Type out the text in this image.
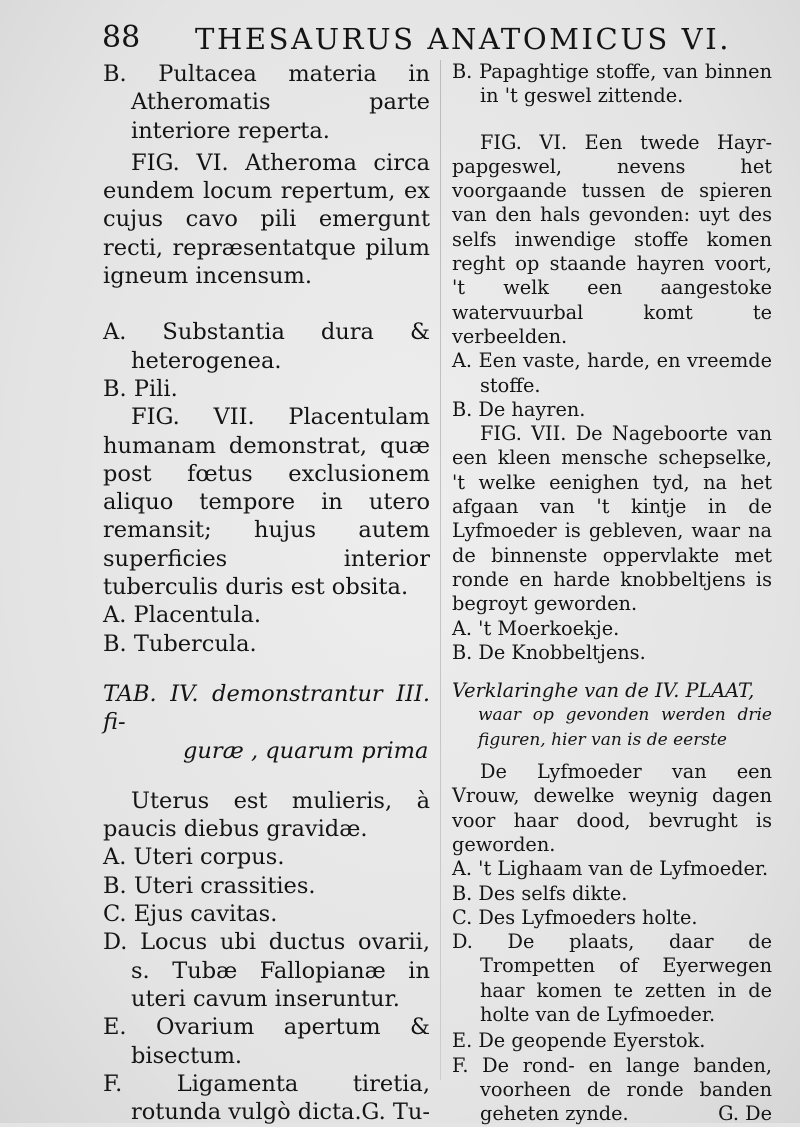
88 THESAURUS ANATOMICUS VI.

B. Pultacea materia in Atheromatis parte interiore reperta.

FIG. VI. Atheroma circa eundem locum repertum, ex cujus cavo pili emergunt recti, repræsentatque pilum igneum incensum.

A. Substantia dura & heterogenea.

B. Pili.

FIG. VII. Placentulam humanam demonstrat, quæ post fœtus exclusionem aliquo tempore in utero remansit; hujus autem superficies interior tuberculis duris est obsita.

A. Placentula.

B. Tubercula.

TAB. IV. demonstrantur III. fi-

guræ , quarum prima

Uterus est mulieris, à paucis diebus gravidæ.

A. Uteri corpus.

B. Uteri crassities.

C. Ejus cavitas.

D. Locus ubi ductus ovarii, s. Tubæ Fallopianæ in uteri cavum inseruntur.

E. Ovarium apertum & bisectum.

F. Ligamenta tiretia, rotunda vulgò dicta. G. Tu-

B. Papaghtige stoffe, van binnen in 't geswel zittende.

FIG. VI. Een twede Hayr-papgeswel, nevens het voorgaande tussen de spieren van den hals gevonden: uyt des selfs inwendige stoffe komen reght op staande hayren voort, 't welk een aangestoke watervuurbal komt te verbeelden.

A. Een vaste, harde, en vreemde stoffe.

B. De hayren.

FIG. VII. De Nageboorte van een kleen mensche schepselke, 't welke eenighen tyd, na het afgaan van 't kintje in de Lyfmoeder is gebleven, waar na de binnenste oppervlakte met ronde en harde knobbeltjens is begroyt geworden.

A. 't Moerkoekje.

B. De Knobbeltjens.

Verklaringhe van de IV. PLAAT,

waar op gevonden werden drie figuren, hier van is de eerste

De Lyfmoeder van een Vrouw, dewelke weynig dagen voor haar dood, bevrught is geworden.

A. 't Lighaam van de Lyfmoeder.

B. Des selfs dikte.

C. Des Lyfmoeders holte.

D. De plaats, daar de Trompetten of Eyerwegen haar komen te zetten in de holte van de Lyfmoeder.

E. De geopende Eyerstok.

F. De rond- en lange banden, voorheen de ronde banden geheten zynde.	G. De
